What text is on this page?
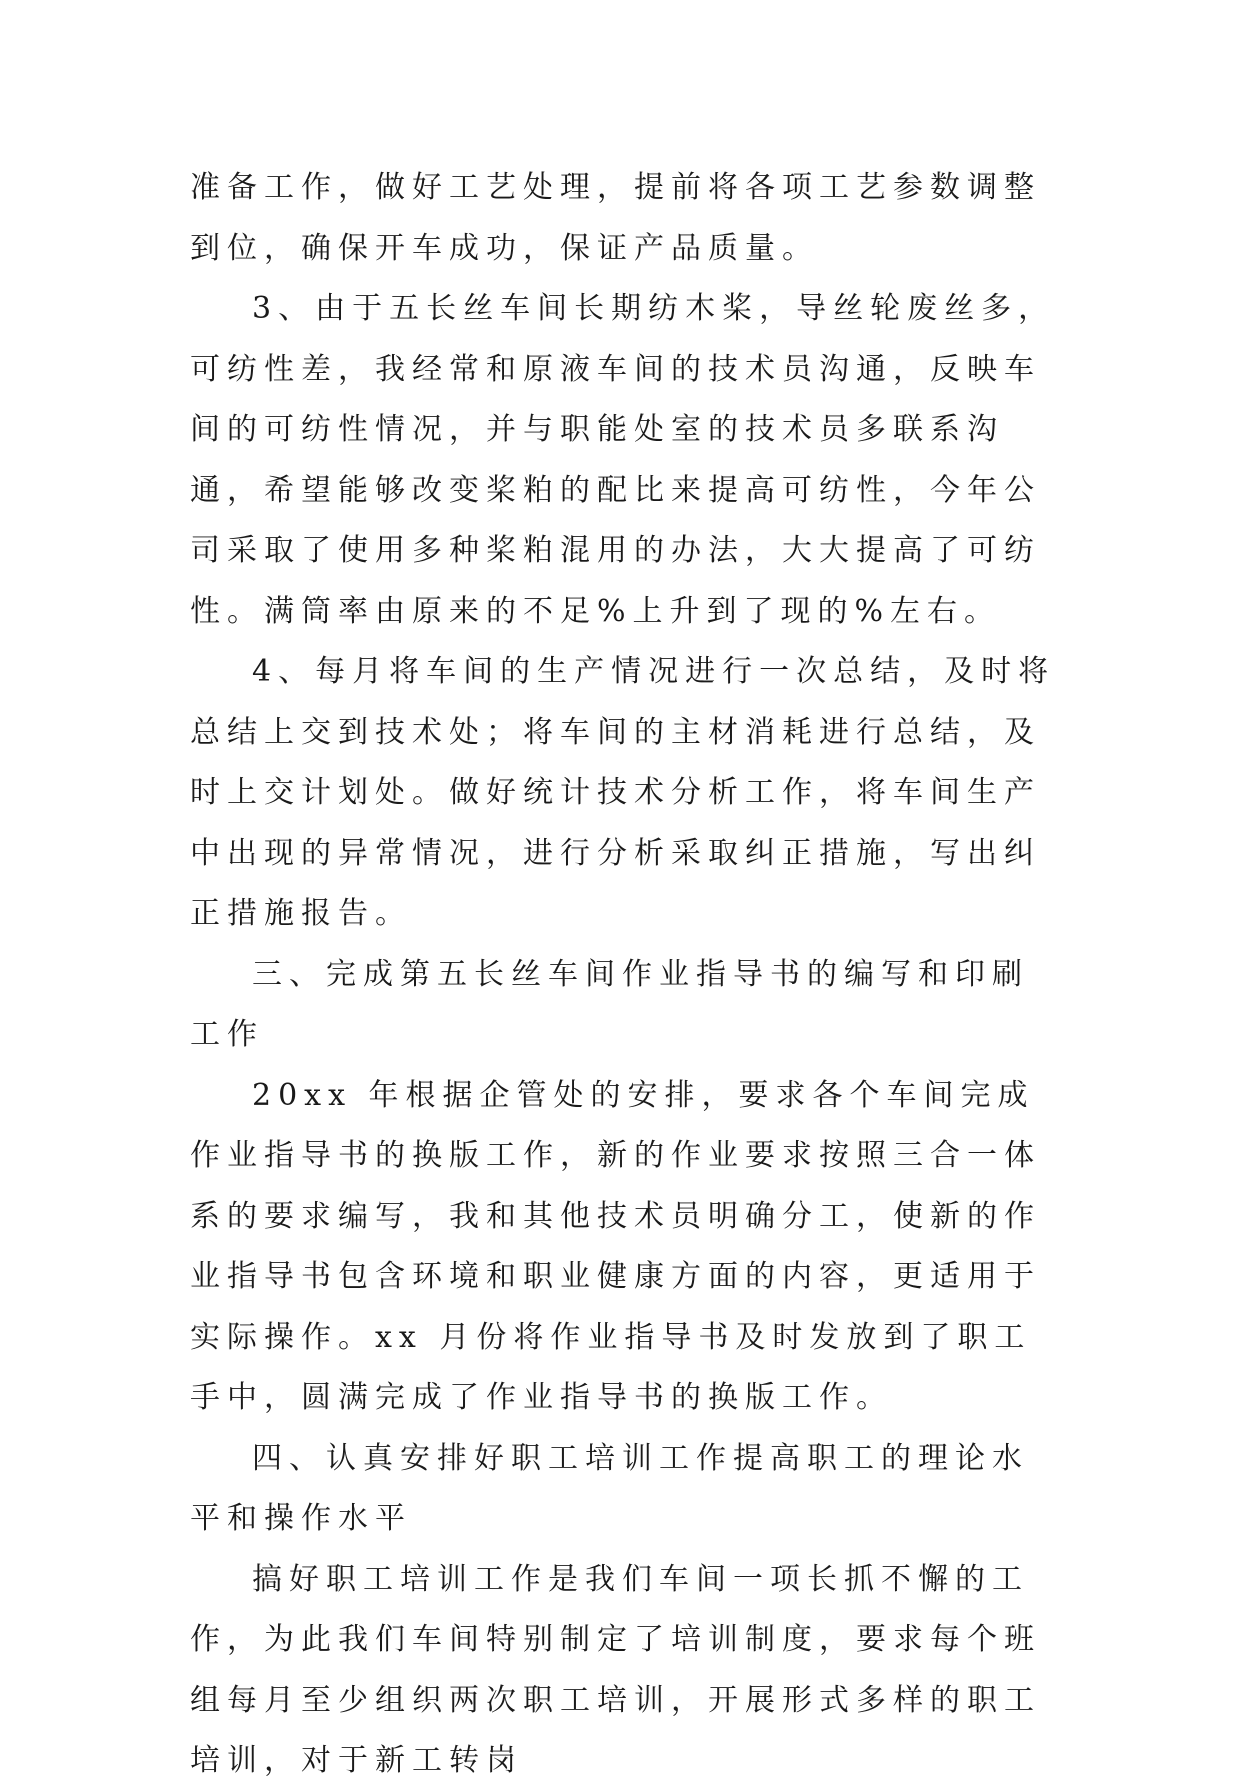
准备工作，做好工艺处理，提前将各项工艺参数调整到位，确保开车成功，保证产品质量。

3、由于五长丝车间长期纺木桨，导丝轮废丝多，可纺性差，我经常和原液车间的技术员沟通，反映车间的可纺性情况，并与职能处室的技术员多联系沟通，希望能够改变桨粕的配比来提高可纺性，今年公司采取了使用多种桨粕混用的办法，大大提高了可纺性。满筒率由原来的不足%上升到了现的%左右。

4、每月将车间的生产情况进行一次总结，及时将总结上交到技术处；将车间的主材消耗进行总结，及时上交计划处。做好统计技术分析工作，将车间生产中出现的异常情况，进行分析采取纠正措施，写出纠正措施报告。

三、完成第五长丝车间作业指导书的编写和印刷工作

20xx 年根据企管处的安排，要求各个车间完成作业指导书的换版工作，新的作业要求按照三合一体系的要求编写，我和其他技术员明确分工，使新的作业指导书包含环境和职业健康方面的内容，更适用于实际操作。xx 月份将作业指导书及时发放到了职工手中，圆满完成了作业指导书的换版工作。

四、认真安排好职工培训工作提高职工的理论水平和操作水平

搞好职工培训工作是我们车间一项长抓不懈的工作，为此我们车间特别制定了培训制度，要求每个班组每月至少组织两次职工培训，开展形式多样的职工培训，对于新工转岗
